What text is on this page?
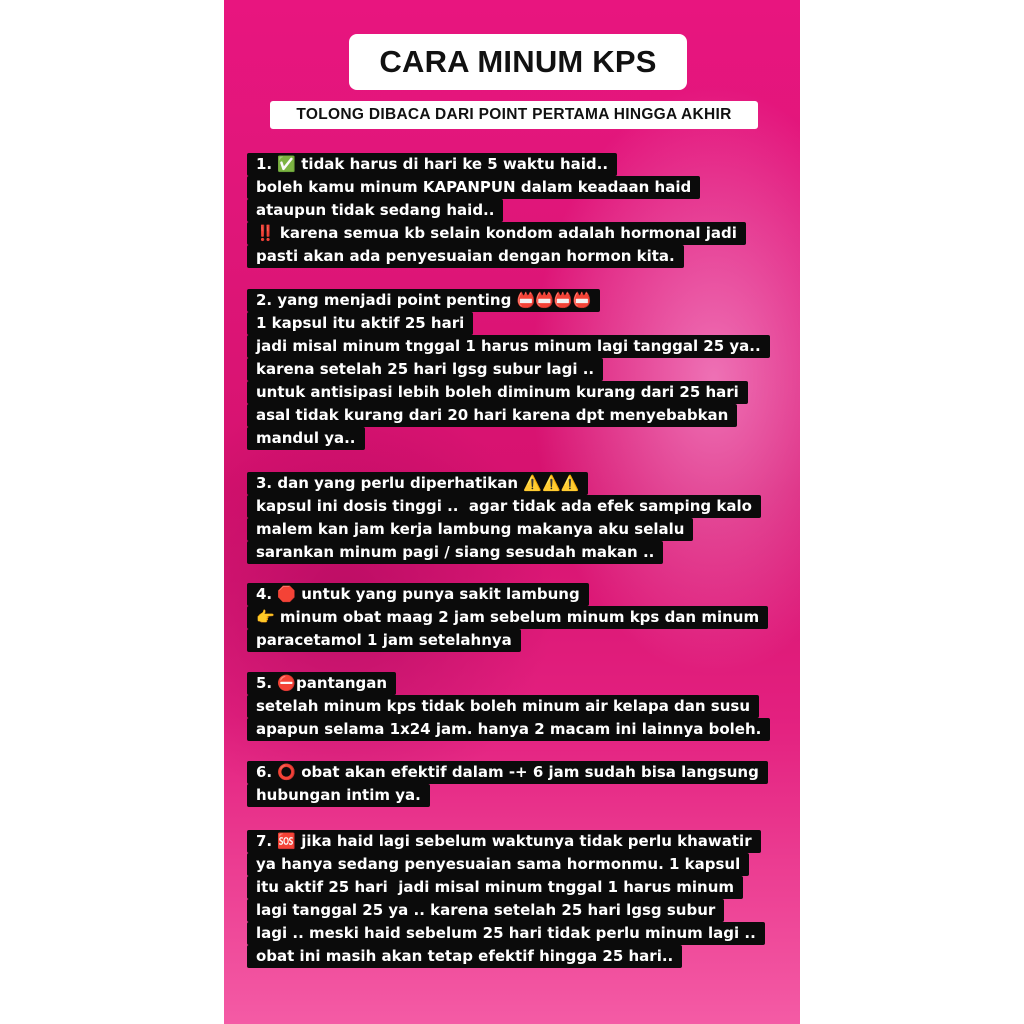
CARA MINUM KPS
TOLONG DIBACA DARI POINT PERTAMA HINGGA AKHIR
1. ✅ tidak harus di hari ke 5 waktu haid..
boleh kamu minum KAPANPUN dalam keadaan haid
ataupun tidak sedang haid..
‼️ karena semua kb selain kondom adalah hormonal jadi
pasti akan ada penyesuaian dengan hormon kita.
2. yang menjadi point penting 📛📛📛📛
1 kapsul itu aktif 25 hari
jadi misal minum tnggal 1 harus minum lagi tanggal 25 ya..
karena setelah 25 hari lgsg subur lagi ..
untuk antisipasi lebih boleh diminum kurang dari 25 hari
asal tidak kurang dari 20 hari karena dpt menyebabkan
mandul ya..
3. dan yang perlu diperhatikan ⚠️⚠️⚠️
kapsul ini dosis tinggi ..  agar tidak ada efek samping kalo
malem kan jam kerja lambung makanya aku selalu
sarankan minum pagi / siang sesudah makan ..
4. 🛑 untuk yang punya sakit lambung
👉 minum obat maag 2 jam sebelum minum kps dan minum
paracetamol 1 jam setelahnya
5. ⛔pantangan
setelah minum kps tidak boleh minum air kelapa dan susu
apapun selama 1x24 jam. hanya 2 macam ini lainnya boleh.
6. ⭕ obat akan efektif dalam -+ 6 jam sudah bisa langsung
hubungan intim ya.
7. 🆘 jika haid lagi sebelum waktunya tidak perlu khawatir
ya hanya sedang penyesuaian sama hormonmu. 1 kapsul
itu aktif 25 hari  jadi misal minum tnggal 1 harus minum
lagi tanggal 25 ya .. karena setelah 25 hari lgsg subur
lagi .. meski haid sebelum 25 hari tidak perlu minum lagi ..
obat ini masih akan tetap efektif hingga 25 hari..
